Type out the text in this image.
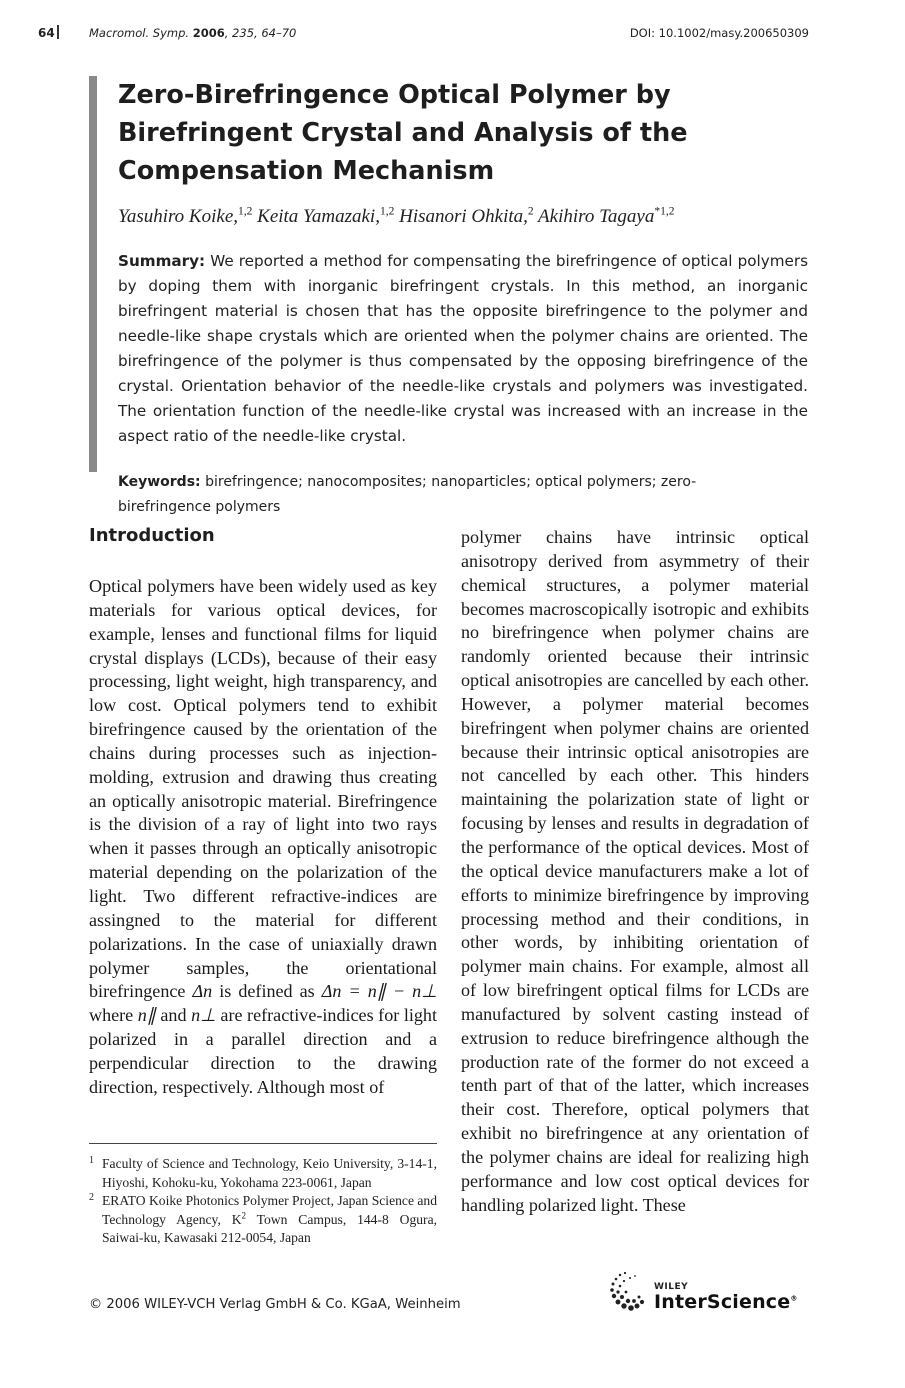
64	Macromol. Symp. 2006, 235, 64–70	DOI: 10.1002/masy.200650309
Zero-Birefringence Optical Polymer by Birefringent Crystal and Analysis of the Compensation Mechanism
Yasuhiro Koike,$^{1,2}$ Keita Yamazaki,$^{1,2}$ Hisanori Ohkita,$^2$ Akihiro Tagaya$^{*1,2}$
Summary: We reported a method for compensating the birefringence of optical polymers by doping them with inorganic birefringent crystals. In this method, an inorganic birefringent material is chosen that has the opposite birefringence to the polymer and needle-like shape crystals which are oriented when the polymer chains are oriented. The birefringence of the polymer is thus compensated by the opposing birefringence of the crystal. Orientation behavior of the needle-like crystals and polymers was investigated. The orientation function of the needle-like crystal was increased with an increase in the aspect ratio of the needle-like crystal.
Keywords: birefringence; nanocomposites; nanoparticles; optical polymers; zero-birefringence polymers
Introduction

Optical polymers have been widely used as key materials for various optical devices, for example, lenses and functional films for liquid crystal displays (LCDs), because of their easy processing, light weight, high transparency, and low cost. Optical polymers tend to exhibit birefringence caused by the orientation of the chains during processes such as injection-molding, extrusion and drawing thus creating an optically anisotropic material. Birefringence is the division of a ray of light into two rays when it passes through an optically anisotropic material depending on the polarization of the light. Two different refractive-indices are assingned to the material for different polarizations. In the case of uniaxially drawn polymer samples, the orientational birefringence Δn is defined as Δn = n∥ − n⊥ where n∥ and n⊥ are refractive-indices for light polarized in a parallel direction and a perpendicular direction to the drawing direction, respectively. Although most of

polymer chains have intrinsic optical anisotropy derived from asymmetry of their chemical structures, a polymer material becomes macroscopically isotropic and exhibits no birefringence when polymer chains are randomly oriented because their intrinsic optical anisotropies are cancelled by each other. However, a polymer material becomes birefringent when polymer chains are oriented because their intrinsic optical anisotropies are not cancelled by each other. This hinders maintaining the polarization state of light or focusing by lenses and results in degradation of the performance of the optical devices. Most of the optical device manufacturers make a lot of efforts to minimize birefringence by improving processing method and their conditions, in other words, by inhibiting orientation of polymer main chains. For example, almost all of low birefringent optical films for LCDs are manufactured by solvent casting instead of extrusion to reduce birefringence although the production rate of the former do not exceed a tenth part of that of the latter, which increases their cost. Therefore, optical polymers that exhibit no birefringence at any orientation of the polymer chains are ideal for realizing high performance and low cost optical devices for handling polarized light. These

1 Faculty of Science and Technology, Keio University, 3-14-1, Hiyoshi, Kohoku-ku, Yokohama 223-0061, Japan
2 ERATO Koike Photonics Polymer Project, Japan Science and Technology Agency, $K^2$ Town Campus, 144-8 Ogura, Saiwai-ku, Kawasaki 212-0054, Japan
© 2006 WILEY-VCH Verlag GmbH & Co. KGaA, Weinheim
WILEY
InterScience®
